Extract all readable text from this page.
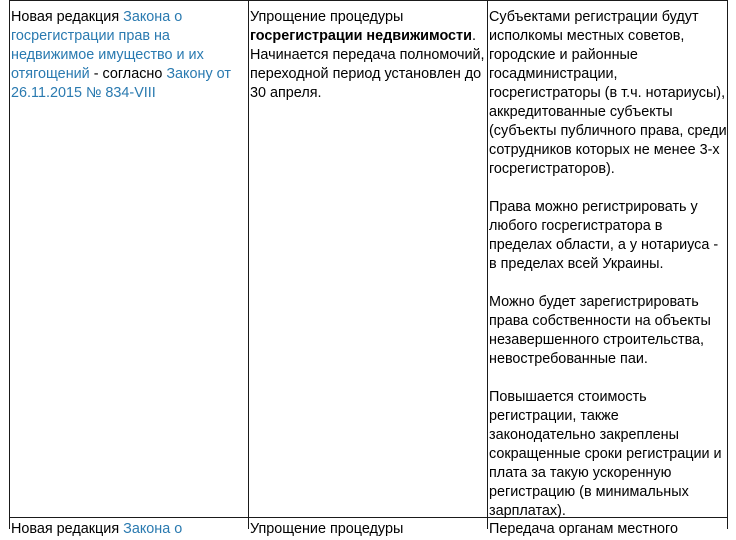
Новая редакция Закона о госрегистрации прав на недвижимое имущество и их отягощений - согласно Закону от 26.11.2015 № 834-VIII
Упрощение процедуры госрегистрации недвижимости. Начинается передача полномочий, переходной период установлен до 30 апреля.

Субъектами регистрации будут исполкомы местных советов, городские и районные госадминистрации, госрегистраторы (в т.ч. нотариусы), аккредитованные субъекты (субъекты публичного права, среди сотрудников которых не менее 3-х госрегистраторов).

Права можно регистрировать у любого госрегистратора в пределах области, а у нотариуса - в пределах всей Украины.

Можно будет зарегистрировать права собственности на объекты незавершенного строительства, невостребованные паи.

Повышается стоимость регистрации, также законодательно закреплены сокращенные сроки регистрации и плата за такую ускоренную регистрацию (в минимальных зарплатах).

Новая редакция Закона о	Упрощение процедуры	Передача органам местного
